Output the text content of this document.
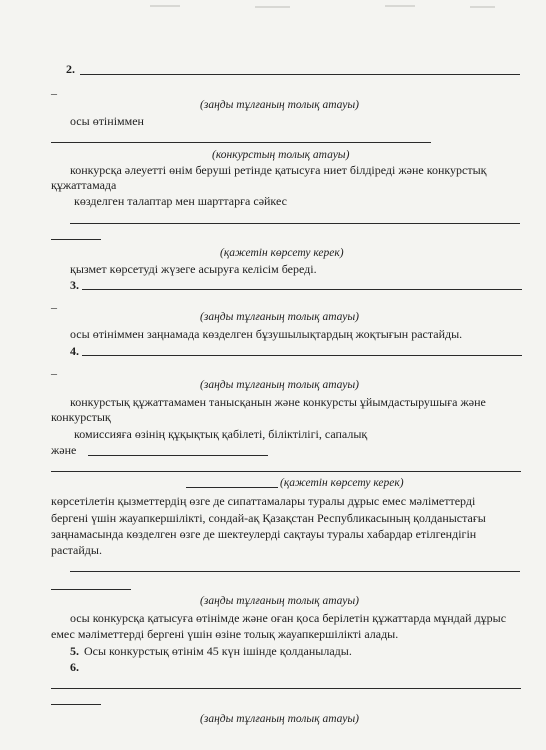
2.
–
(заңды тұлғаның толық атауы)
осы өтініммен
(конкурстың толық атауы)
конкурсқа әлеуетті өнім беруші ретінде қатысуға ниет білдіреді және конкурстық
құжаттамада
көзделген талаптар мен шарттарға сәйкес
(қажетін көрсету керек)
қызмет көрсетуді жүзеге асыруға келісім береді.
3.
–
(заңды тұлғаның толық атауы)
осы өтініммен заңнамада көзделген бұзушылықтардың жоқтығын растайды.
4.
–
(заңды тұлғаның толық атауы)
конкурстық құжаттамамен танысқанын және конкурсты ұйымдастырушыға және
конкурстық
комиссияға өзінің құқықтық қабілеті, біліктілігі, сапалық
және
(қажетін көрсету керек)
көрсетілетін қызметтердің өзге де сипаттамалары туралы дұрыс емес мәліметтерді
бергені үшін жауапкершілікті, сондай-ақ Қазақстан Республикасының қолданыстағы
заңнамасында көзделген өзге де шектеулерді сақтауы туралы хабардар етілгендігін
растайды.
(заңды тұлғаның толық атауы)
осы конкурсқа қатысуға өтінімде және оған қоса берілетін құжаттарда мұндай дұрыс
емес мәліметтерді бергені үшін өзіне толық жауапкершілікті алады.
5. Осы конкурстық өтінім 45 күн ішінде қолданылады.
6.
(заңды тұлғаның толық атауы)
